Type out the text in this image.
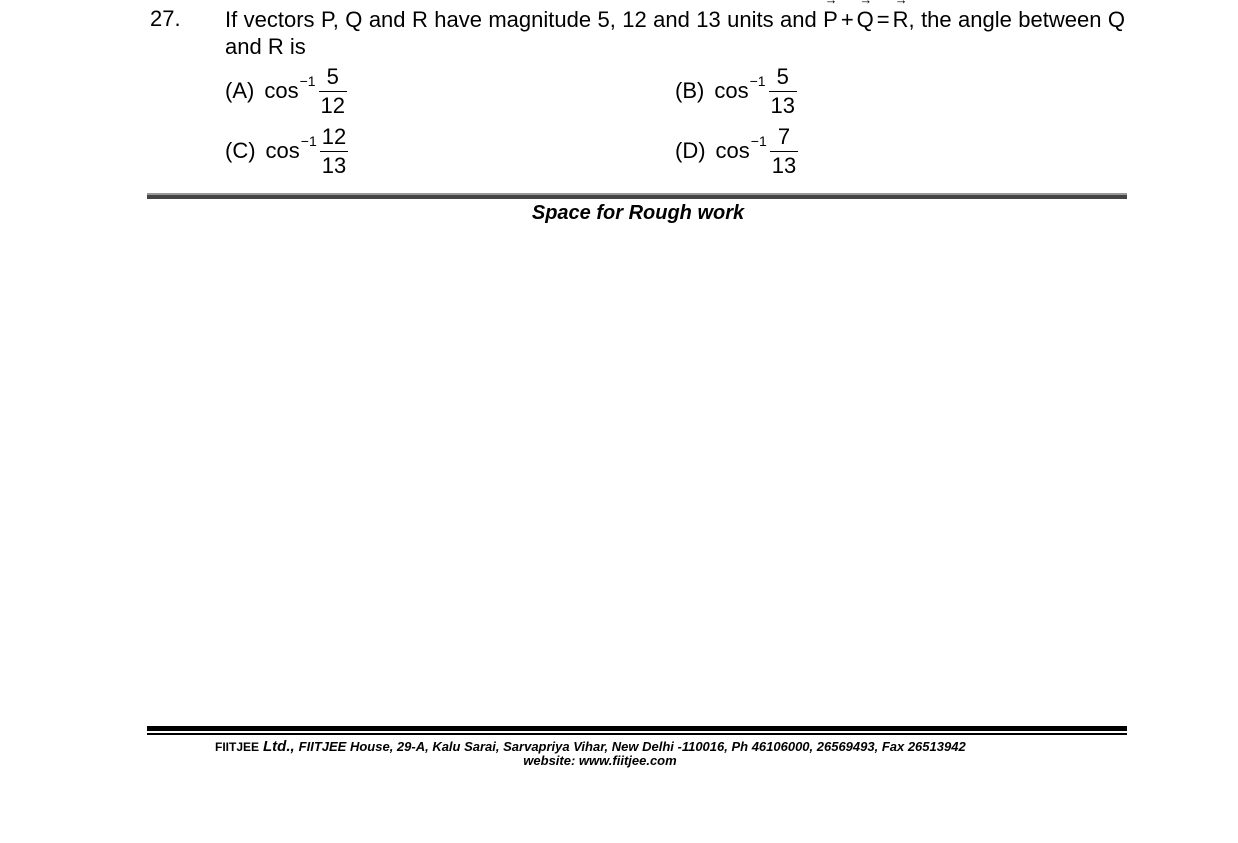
27. If vectors P, Q and R have magnitude 5, 12 and 13 units and → P + → Q = → R, the angle between Q and R is
(A) $\cos -1 \frac{5}{12}$	(B) $\cos -1 \frac{5}{13}$
(C) $\cos -1 \frac{12}{13}$	(D) $\cos -1 \frac{7}{13}$
Space for Rough work
FIITJEE Ltd., FIITJEE House, 29-A, Kalu Sarai, Sarvapriya Vihar, New Delhi -110016, Ph 46106000, 26569493, Fax 26513942
website: www.fiitjee.com
